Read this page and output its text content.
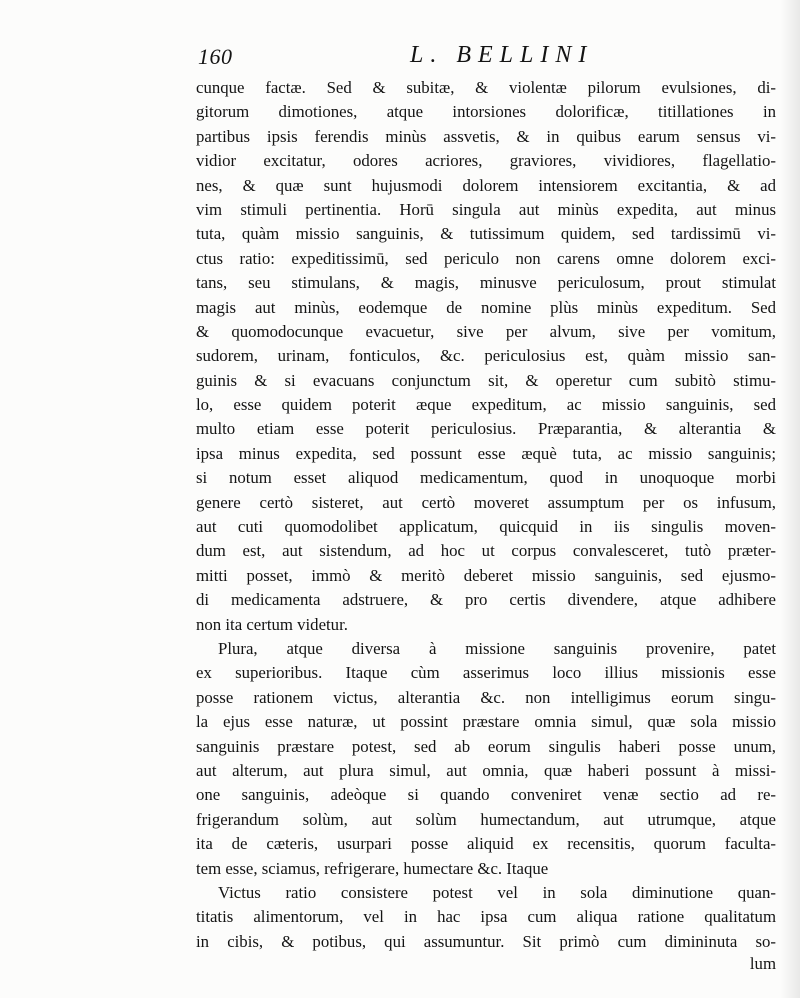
160	L. BELLINI
cunque factæ. Sed & subitæ, & violentæ pilorum evulsiones, di-
gitorum dimotiones, atque intorsiones dolorificæ, titillationes in
partibus ipsis ferendis minùs assvetis, & in quibus earum sensus vi-
vidior excitatur, odores acriores, graviores, vividiores, flagellatio-
nes, & quæ sunt hujusmodi dolorem intensiorem excitantia, & ad
vim stimuli pertinentia. Horū singula aut minùs expedita, aut minus
tuta, quàm missio sanguinis, & tutissimum quidem, sed tardissimū vi-
ctus ratio: expeditissimū, sed periculo non carens omne dolorem exci-
tans, seu stimulans, & magis, minusve periculosum, prout stimulat
magis aut minùs, eodemque de nomine plùs minùs expeditum. Sed
& quomodocunque evacuetur, sive per alvum, sive per vomitum,
sudorem, urinam, fonticulos, &c. periculosius est, quàm missio san-
guinis & si evacuans conjunctum sit, & operetur cum subitò stimu-
lo, esse quidem poterit æque expeditum, ac missio sanguinis, sed
multo etiam esse poterit periculosius. Præparantia, & alterantia &
ipsa minus expedita, sed possunt esse æquè tuta, ac missio sanguinis;
si notum esset aliquod medicamentum, quod in unoquoque morbi
genere certò sisteret, aut certò moveret assumptum per os infusum,
aut cuti quomodolibet applicatum, quicquid in iis singulis moven-
dum est, aut sistendum, ad hoc ut corpus convalesceret, tutò præter-
mitti posset, immò & meritò deberet missio sanguinis, sed ejusmo-
di medicamenta adstruere, & pro certis divendere, atque adhibere
non ita certum videtur.
Plura, atque diversa à missione sanguinis provenire, patet
ex superioribus. Itaque cùm asserimus loco illius missionis esse
posse rationem victus, alterantia &c. non intelligimus eorum singu-
la ejus esse naturæ, ut possint præstare omnia simul, quæ sola missio
sanguinis præstare potest, sed ab eorum singulis haberi posse unum,
aut alterum, aut plura simul, aut omnia, quæ haberi possunt à missi-
one sanguinis, adeòque si quando conveniret venæ sectio ad re-
frigerandum solùm, aut solùm humectandum, aut utrumque, atque
ita de cæteris, usurpari posse aliquid ex recensitis, quorum faculta-
tem esse, sciamus, refrigerare, humectare &c. Itaque
Victus ratio consistere potest vel in sola diminutione quan-
titatis alimentorum, vel in hac ipsa cum aliqua ratione qualitatum
in cibis, & potibus, qui assumuntur. Sit primò cum dimininuta so-
lum
